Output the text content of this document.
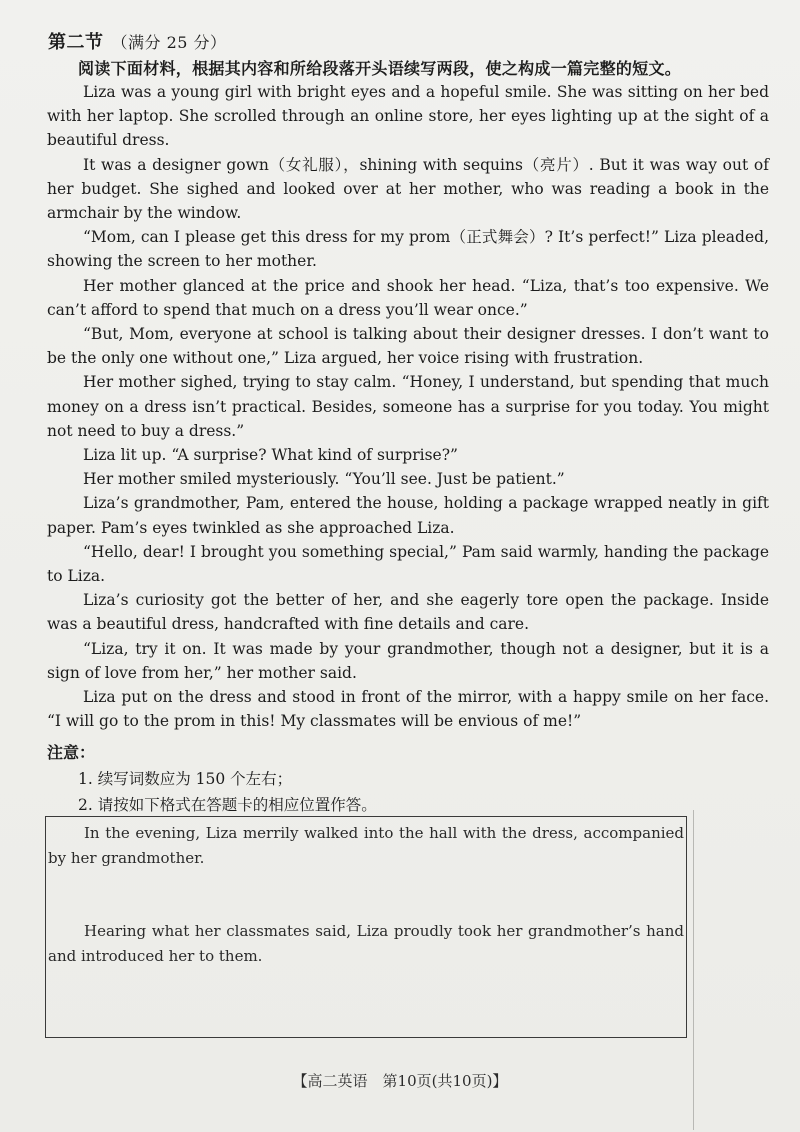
第二节 （满分 25 分）
阅读下面材料，根据其内容和所给段落开头语续写两段，使之构成一篇完整的短文。

Liza was a young girl with bright eyes and a hopeful smile. She was sitting on her bed with her laptop. She scrolled through an online store, her eyes lighting up at the sight of a beautiful dress.

It was a designer gown（女礼服），shining with sequins（亮片）. But it was way out of her budget. She sighed and looked over at her mother, who was reading a book in the armchair by the window.

“Mom, can I please get this dress for my prom（正式舞会）? It’s perfect!” Liza pleaded, showing the screen to her mother.

Her mother glanced at the price and shook her head. “Liza, that’s too expensive. We can’t afford to spend that much on a dress you’ll wear once.”

“But, Mom, everyone at school is talking about their designer dresses. I don’t want to be the only one without one,” Liza argued, her voice rising with frustration.

Her mother sighed, trying to stay calm. “Honey, I understand, but spending that much money on a dress isn’t practical. Besides, someone has a surprise for you today. You might not need to buy a dress.”

Liza lit up. “A surprise? What kind of surprise?”

Her mother smiled mysteriously. “You’ll see. Just be patient.”

Liza’s grandmother, Pam, entered the house, holding a package wrapped neatly in gift paper. Pam’s eyes twinkled as she approached Liza.

“Hello, dear! I brought you something special,” Pam said warmly, handing the package to Liza.

Liza’s curiosity got the better of her, and she eagerly tore open the package. Inside was a beautiful dress, handcrafted with fine details and care.

“Liza, try it on. It was made by your grandmother, though not a designer, but it is a sign of love from her,” her mother said.

Liza put on the dress and stood in front of the mirror, with a happy smile on her face. “I will go to the prom in this! My classmates will be envious of me!”

注意：
1. 续写词数应为 150 个左右；
2. 请按如下格式在答题卡的相应位置作答。
In the evening, Liza merrily walked into the hall with the dress, accompanied by her grandmother.
Hearing what her classmates said, Liza proudly took her grandmother’s hand and introduced her to them.
【高二英语　第10页(共10页)】
